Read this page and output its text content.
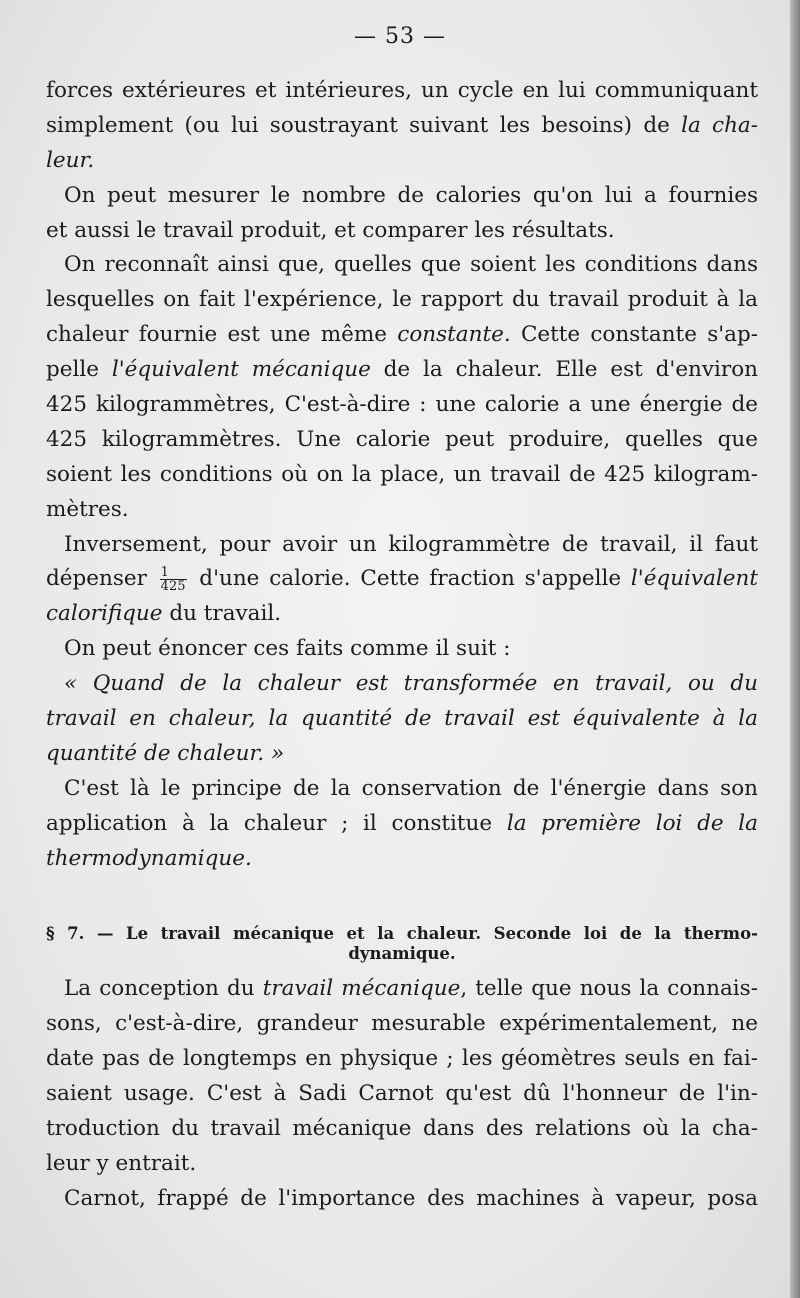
— 53 —
forces extérieures et intérieures, un cycle en lui communiquant
simplement (ou lui soustrayant suivant les besoins) de la cha-
leur.
On peut mesurer le nombre de calories qu'on lui a fournies
et aussi le travail produit, et comparer les résultats.
On reconnaît ainsi que, quelles que soient les conditions dans
lesquelles on fait l'expérience, le rapport du travail produit à la
chaleur fournie est une même constante. Cette constante s'ap-
pelle l'équivalent mécanique de la chaleur. Elle est d'environ
425 kilogrammètres, C'est-à-dire : une calorie a une énergie de
425 kilogrammètres. Une calorie peut produire, quelles que
soient les conditions où on la place, un travail de 425 kilogram-
mètres.
Inversement, pour avoir un kilogrammètre de travail, il faut
dépenser $\frac{1}{425} d'une$ calorie. Cette fraction s'appelle l'équivalent
calorifique du travail.
On peut énoncer ces faits comme il suit :
« Quand de la chaleur est transformée en travail, ou du
travail en chaleur, la quantité de travail est équivalente à la
quantité de chaleur. »
C'est là le principe de la conservation de l'énergie dans son
application à la chaleur ; il constitue la première loi de la
thermodynamique.
§ 7. — Le travail mécanique et la chaleur. Seconde loi de la thermo-
dynamique.
La conception du travail mécanique, telle que nous la connais-
sons, c'est-à-dire, grandeur mesurable expérimentalement, ne
date pas de longtemps en physique ; les géomètres seuls en fai-
saient usage. C'est à Sadi Carnot qu'est dû l'honneur de l'in-
troduction du travail mécanique dans des relations où la cha-
leur y entrait.
Carnot, frappé de l'importance des machines à vapeur, posa
